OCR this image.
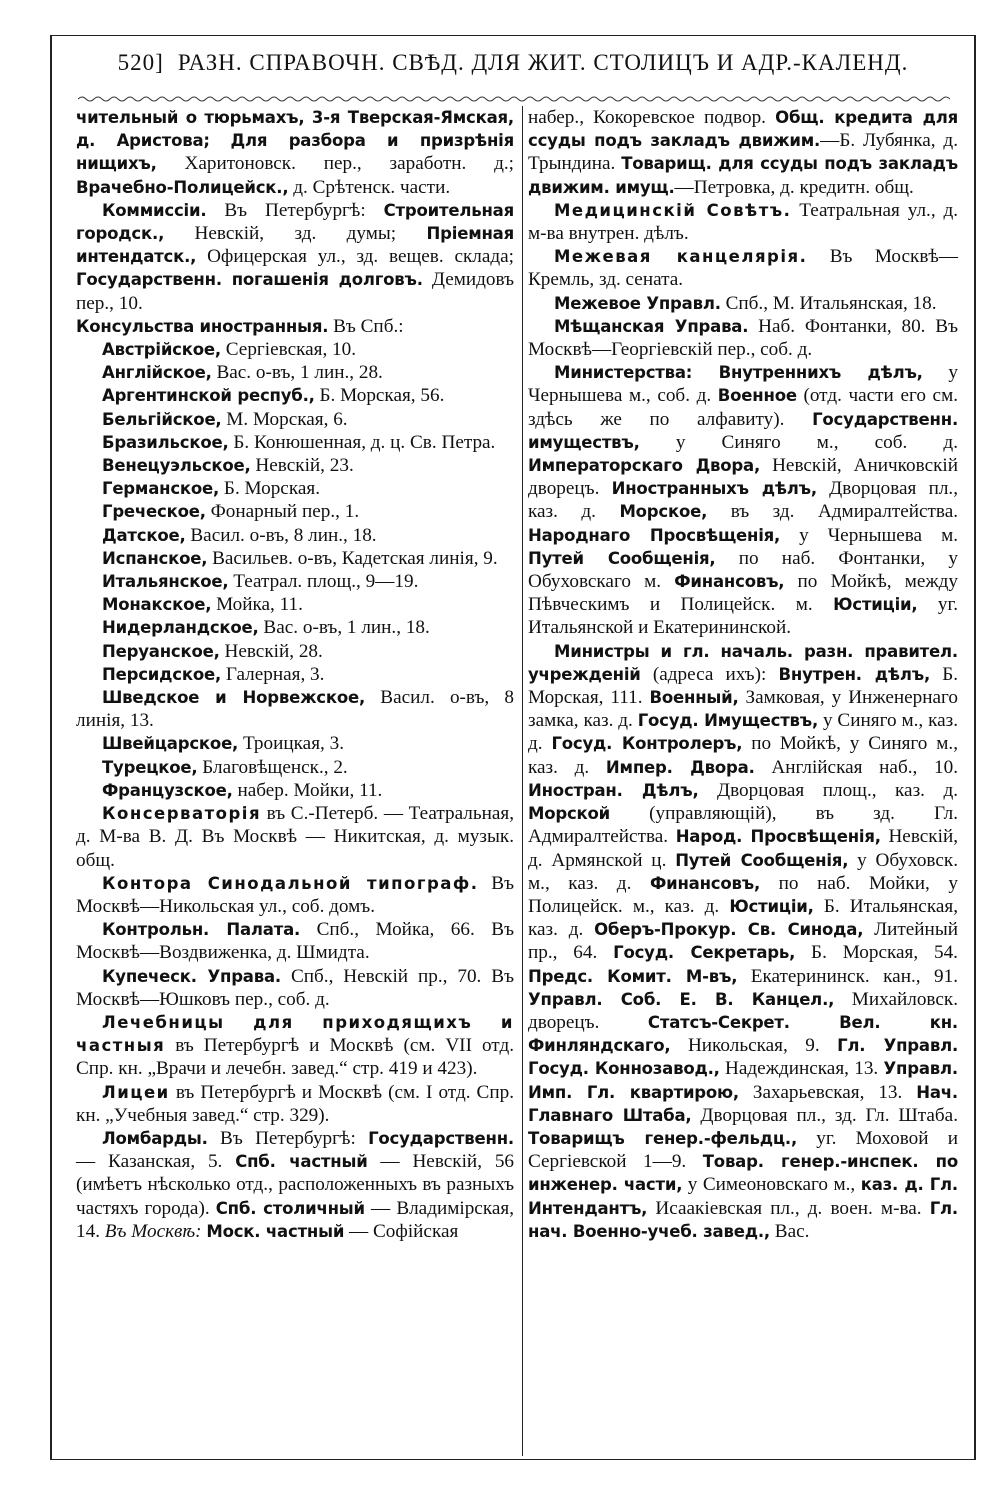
520] РАЗН. СПРАВОЧН. СВѢД. ДЛЯ ЖИТ. СТОЛИЦЪ И АДР.-КАЛЕНД.

чительный о тюрьмахъ, 3-я Тверская-Ямская, д. Аристова; Для разбора и призрѣнія нищихъ, Харитоновск. пер., заработн. д.; Врачебно-Полицейск., д. Срѣтенск. части.

Коммиссіи. Въ Петербургѣ: Строительная городск., Невскій, зд. думы; Пріемная интендатск., Офицерская ул., зд. вещев. склада; Государственн. погашенія долговъ. Демидовъ пер., 10.

Консульства иностранныя. Въ Спб.:

Австрійское, Сергіевская, 10.

Англійское, Вас. о-въ, 1 лин., 28.

Аргентинской респуб., Б. Морская, 56.

Бельгійское, М. Морская, 6.

Бразильское, Б. Конюшенная, д. ц. Св. Петра.

Венецуэльское, Невскій, 23.

Германское, Б. Морская.

Греческое, Фонарный пер., 1.

Датское, Васил. о-въ, 8 лин., 18.

Испанское, Васильев. о-въ, Кадетская линія, 9.

Итальянское, Театрал. площ., 9—19.

Монакское, Мойка, 11.

Нидерландское, Вас. о-въ, 1 лин., 18.

Перуанское, Невскій, 28.

Персидское, Галерная, 3.

Шведское и Норвежское, Васил. о-въ, 8 линія, 13.

Швейцарское, Троицкая, 3.

Турецкое, Благовѣщенск., 2.

Французское, набер. Мойки, 11.

Консерваторія въ С.-Петерб. — Театральная, д. М-ва В. Д. Въ Москвѣ — Никитская, д. музык. общ.

Контора Синодальной типограф. Въ Москвѣ—Никольская ул., соб. домъ.

Контрольн. Палата. Спб., Мойка, 66. Въ Москвѣ—Воздвиженка, д. Шмидта.

Купеческ. Управа. Спб., Невскій пр., 70. Въ Москвѣ—Юшковъ пер., соб. д.

Лечебницы для приходящихъ и частныя въ Петербургѣ и Москвѣ (см. VII отд. Спр. кн. „Врачи и лечебн. завед.“ стр. 419 и 423).

Лицеи въ Петербургѣ и Москвѣ (см. I отд. Спр. кн. „Учебныя завед.“ стр. 329).

Ломбарды. Въ Петербургѣ: Государственн. — Казанская, 5. Спб. частный — Невскій, 56 (имѣетъ нѣсколько отд., расположенныхъ въ разныхъ частяхъ города). Спб. столичный — Владимірская, 14. Въ Москвѣ: Моск. частный — Софійская

набер., Кокоревское подвор. Общ. кредита для ссуды подъ закладъ движим.—Б. Лубянка, д. Трындина. Товарищ. для ссуды подъ закладъ движим. имущ.—Петровка, д. кредитн. общ.

Медицинскій Совѣтъ. Театральная ул., д. м-ва внутрен. дѣлъ.

Межевая канцелярія. Въ Москвѣ—Кремль, зд. сената.

Межевое Управл. Спб., М. Итальянская, 18.

Мѣщанская Управа. Наб. Фонтанки, 80. Въ Москвѣ—Георгіевскій пер., соб. д.

Министерства: Внутреннихъ дѣлъ, у Чернышева м., соб. д. Военное (отд. части его см. здѣсь же по алфавиту). Государственн. имуществъ, у Синяго м., соб. д. Императорскаго Двора, Невскій, Аничковскій дворецъ. Иностранныхъ дѣлъ, Дворцовая пл., каз. д. Морское, въ зд. Адмиралтейства. Народнаго Просвѣщенія, у Чернышева м. Путей Сообщенія, по наб. Фонтанки, у Обуховскаго м. Финансовъ, по Мойкѣ, между Пѣвческимъ и Полицейск. м. Юстиціи, уг. Итальянской и Екатерининской.

Министры и гл. началь. разн. правител. учрежденій (адреса ихъ): Внутрен. дѣлъ, Б. Морская, 111. Военный, Замковая, у Инженернаго замка, каз. д. Госуд. Имуществъ, у Синяго м., каз. д. Госуд. Контролеръ, по Мойкѣ, у Синяго м., каз. д. Импер. Двора. Англійская наб., 10. Иностран. Дѣлъ, Дворцовая площ., каз. д. Морской (управляющій), въ зд. Гл. Адмиралтейства. Народ. Просвѣщенія, Невскій, д. Армянской ц. Путей Сообщенія, у Обуховск. м., каз. д. Финансовъ, по наб. Мойки, у Полицейск. м., каз. д. Юстиціи, Б. Итальянская, каз. д. Оберъ-Прокур. Св. Синода, Литейный пр., 64. Госуд. Секретарь, Б. Морская, 54. Предс. Комит. М-въ, Екатерининск. кан., 91. Управл. Соб. Е. В. Канцел., Михайловск. дворецъ.	Статсъ-Секрет. Вел. кн. Финляндскаго, Никольская, 9. Гл. Управл. Госуд. Коннозавод., Надеждинская, 13. Управл. Имп. Гл. квартирою, Захарьевская, 13. Нач. Главнаго Штаба, Дворцовая пл., зд. Гл. Штаба. Товарищъ генер.-фельдц., уг. Моховой и Сергіевской 1—9. Товар. генер.-инспек. по инженер. части, у Симеоновскаго м., каз. д. Гл. Интендантъ, Исаакіевская пл., д. воен. м-ва. Гл. нач. Военно-учеб. завед., Вас.
